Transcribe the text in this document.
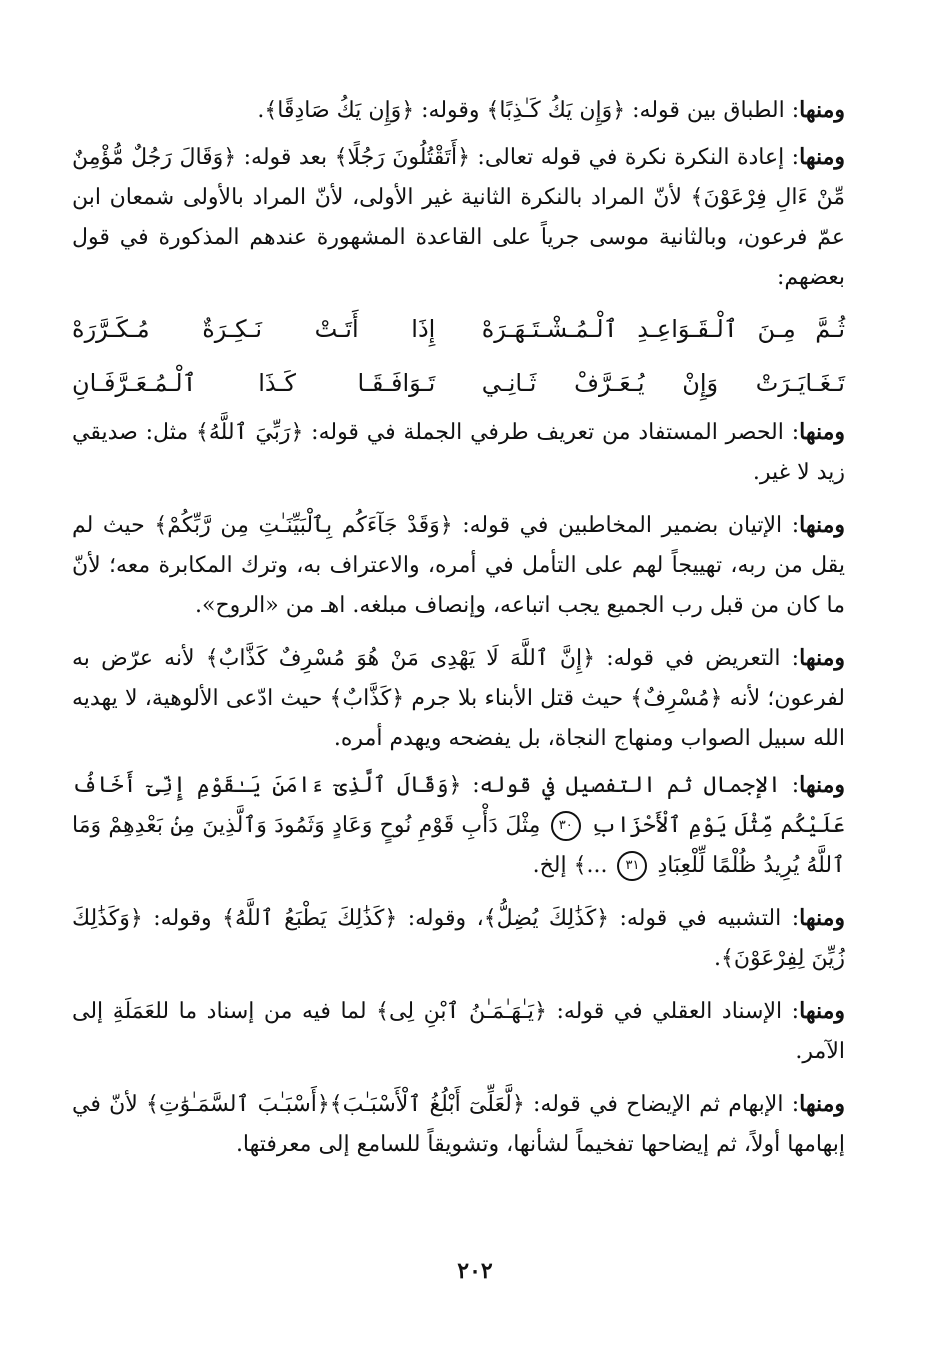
ومنها: الطباق بين قوله: ﴿وَإِن يَكُ كَـٰذِبًا﴾ وقوله: ﴿وَإِن يَكُ صَادِقًا﴾.

ومنها: إعادة النكرة نكرة في قوله تعالى: ﴿أَتَقْتُلُونَ رَجُلًا﴾ بعد قوله: ﴿وَقَالَ رَجُلٌ مُّؤْمِنٌ مِّنْ ءَالِ فِرْعَوْنَ﴾ لأنّ المراد بالنكرة الثانية غير الأولى، لأنّ المراد بالأولى شمعان ابن عمّ فرعون، وبالثانية موسى جرياً على القاعدة المشهورة عندهم المذكورة في قول بعضهم:

ثُـمَّ مِـنَ ٱلْـقَـوَاعِـدِ ٱلْـمُـشْـتَـهَـرَهْ
إِذَا أَتَـتْ نَـكِـرَةٌ مُـكَـرَّرَهْ
تَـغَـايَـرَتْ وَإِنْ يُـعَـرَّفْ ثَـانِـي
تَـوَافَـقَـا كَـذَا ٱلْـمُـعَـرَّفَـانِ

ومنها: الحصر المستفاد من تعريف طرفي الجملة في قوله: ﴿رَبِّيَ ٱللَّهُ﴾ مثل: صديقي زيد لا غير.

ومنها: الإتيان بضمير المخاطبين في قوله: ﴿وَقَدْ جَآءَكُم بِٱلْبَيِّنَـٰتِ مِن رَّبِّكُمْ﴾ حيث لم يقل من ربه، تهييجاً لهم على التأمل في أمره، والاعتراف به، وترك المكابرة معه؛ لأنّ ما كان من قبل رب الجميع يجب اتباعه، وإنصاف مبلغه. اهـ من «الروح».

ومنها: التعريض في قوله: ﴿إِنَّ ٱللَّهَ لَا يَهْدِى مَنْ هُوَ مُسْرِفٌ كَذَّابٌ﴾ لأنه عرّض به لفرعون؛ لأنه ﴿مُسْرِفٌ﴾ حيث قتل الأبناء بلا جرم ﴿كَذَّابٌ﴾ حيث ادّعى الألوهية، لا يهديه الله سبيل الصواب ومنهاج النجاة، بل يفضحه ويهدم أمره.

ومنها: الإجمال ثم التفصيل في قوله: ﴿وَقَالَ ٱلَّذِىٓ ءَامَنَ يَـٰقَوْمِ إِنِّىٓ أَخَافُ عَلَيْكُم مِّثْلَ يَوْمِ ٱلْأَحْزَابِ ٣٠ مِثْلَ دَأْبِ قَوْمِ نُوحٍ وَعَادٍ وَثَمُودَ وَٱلَّذِينَ مِنۢ بَعْدِهِمْ وَمَا ٱللَّهُ يُرِيدُ ظُلْمًا لِّلْعِبَادِ ٣١ ...﴾ إلخ.

ومنها: التشبيه في قوله: ﴿كَذَٰلِكَ يُضِلُّ﴾، وقوله: ﴿كَذَٰلِكَ يَطْبَعُ ٱللَّهُ﴾ وقوله: ﴿وَكَذَٰلِكَ زُيِّنَ لِفِرْعَوْنَ﴾.

ومنها: الإسناد العقلي في قوله: ﴿يَـٰهَـٰمَـٰنُ ٱبْنِ لِى﴾ لما فيه من إسناد ما للعَمَلَةِ إلى الآمر.

ومنها: الإبهام ثم الإيضاح في قوله: ﴿لَّعَلِّىٓ أَبْلُغُ ٱلْأَسْبَـٰبَ﴾﴿أَسْبَـٰبَ ٱلسَّمَـٰوَٰتِ﴾ لأنّ في إبهامها أولاً، ثم إيضاحها تفخيماً لشأنها، وتشويقاً للسامع إلى معرفتها.

٢٠٢
